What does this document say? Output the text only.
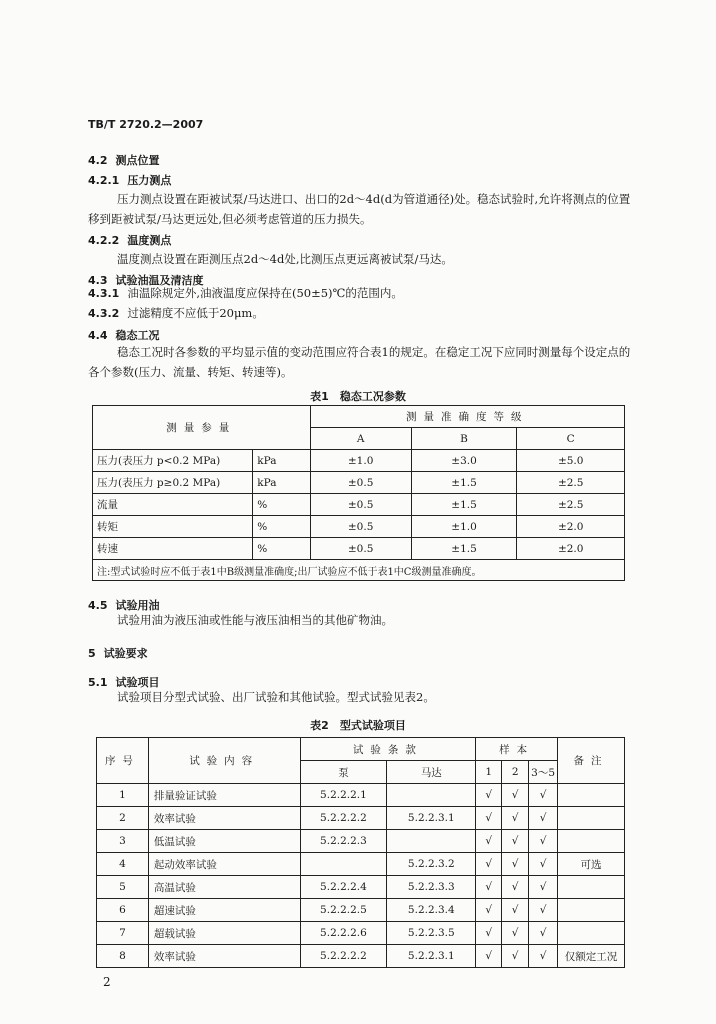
TB/T 2720.2—2007
4.2 测点位置
4.2.1 压力测点
压力测点设置在距被试泵/马达进口、出口的2d～4d(d为管道通径)处。稳态试验时,允许将测点的位置移到距被试泵/马达更远处,但必须考虑管道的压力损失。
4.2.2 温度测点
温度测点设置在距测压点2d～4d处,比测压点更远离被试泵/马达。
4.3 试验油温及清洁度
4.3.1 油温除规定外,油液温度应保持在(50±5)℃的范围内。
4.3.2 过滤精度不应低于20μm。
4.4 稳态工况
稳态工况时各参数的平均显示值的变动范围应符合表1的规定。在稳定工况下应同时测量每个设定点的各个参数(压力、流量、转矩、转速等)。
表1　稳态工况参数
测量参量		测量准确度等级		
		A	B	C
压力(表压力 p<0.2 MPa)	kPa	±1.0	±3.0	±5.0
压力(表压力 p≥0.2 MPa)	kPa	±0.5	±1.5	±2.5
流量	%	±0.5	±1.5	±2.5
转矩	%	±0.5	±1.0	±2.0
转速	%	±0.5	±1.5	±2.0
注:型式试验时应不低于表1中B级测量准确度;出厂试验应不低于表1中C级测量准确度。				
4.5 试验用油
试验用油为液压油或性能与液压油相当的其他矿物油。
5 试验要求
5.1 试验项目
试验项目分型式试验、出厂试验和其他试验。型式试验见表2。
表2　型式试验项目
序号	试验内容	试验条款		样本			备注
		泵	马达	1	2	3～5	
1	排量验证试验	5.2.2.2.1		√	√	√	
2	效率试验	5.2.2.2.2	5.2.2.3.1	√	√	√	
3	低温试验	5.2.2.2.3		√	√	√	
4	起动效率试验		5.2.2.3.2	√	√	√	可选
5	高温试验	5.2.2.2.4	5.2.2.3.3	√	√	√	
6	超速试验	5.2.2.2.5	5.2.2.3.4	√	√	√	
7	超载试验	5.2.2.2.6	5.2.2.3.5	√	√	√	
8	效率试验	5.2.2.2.2	5.2.2.3.1	√	√	√	仅额定工况
2
